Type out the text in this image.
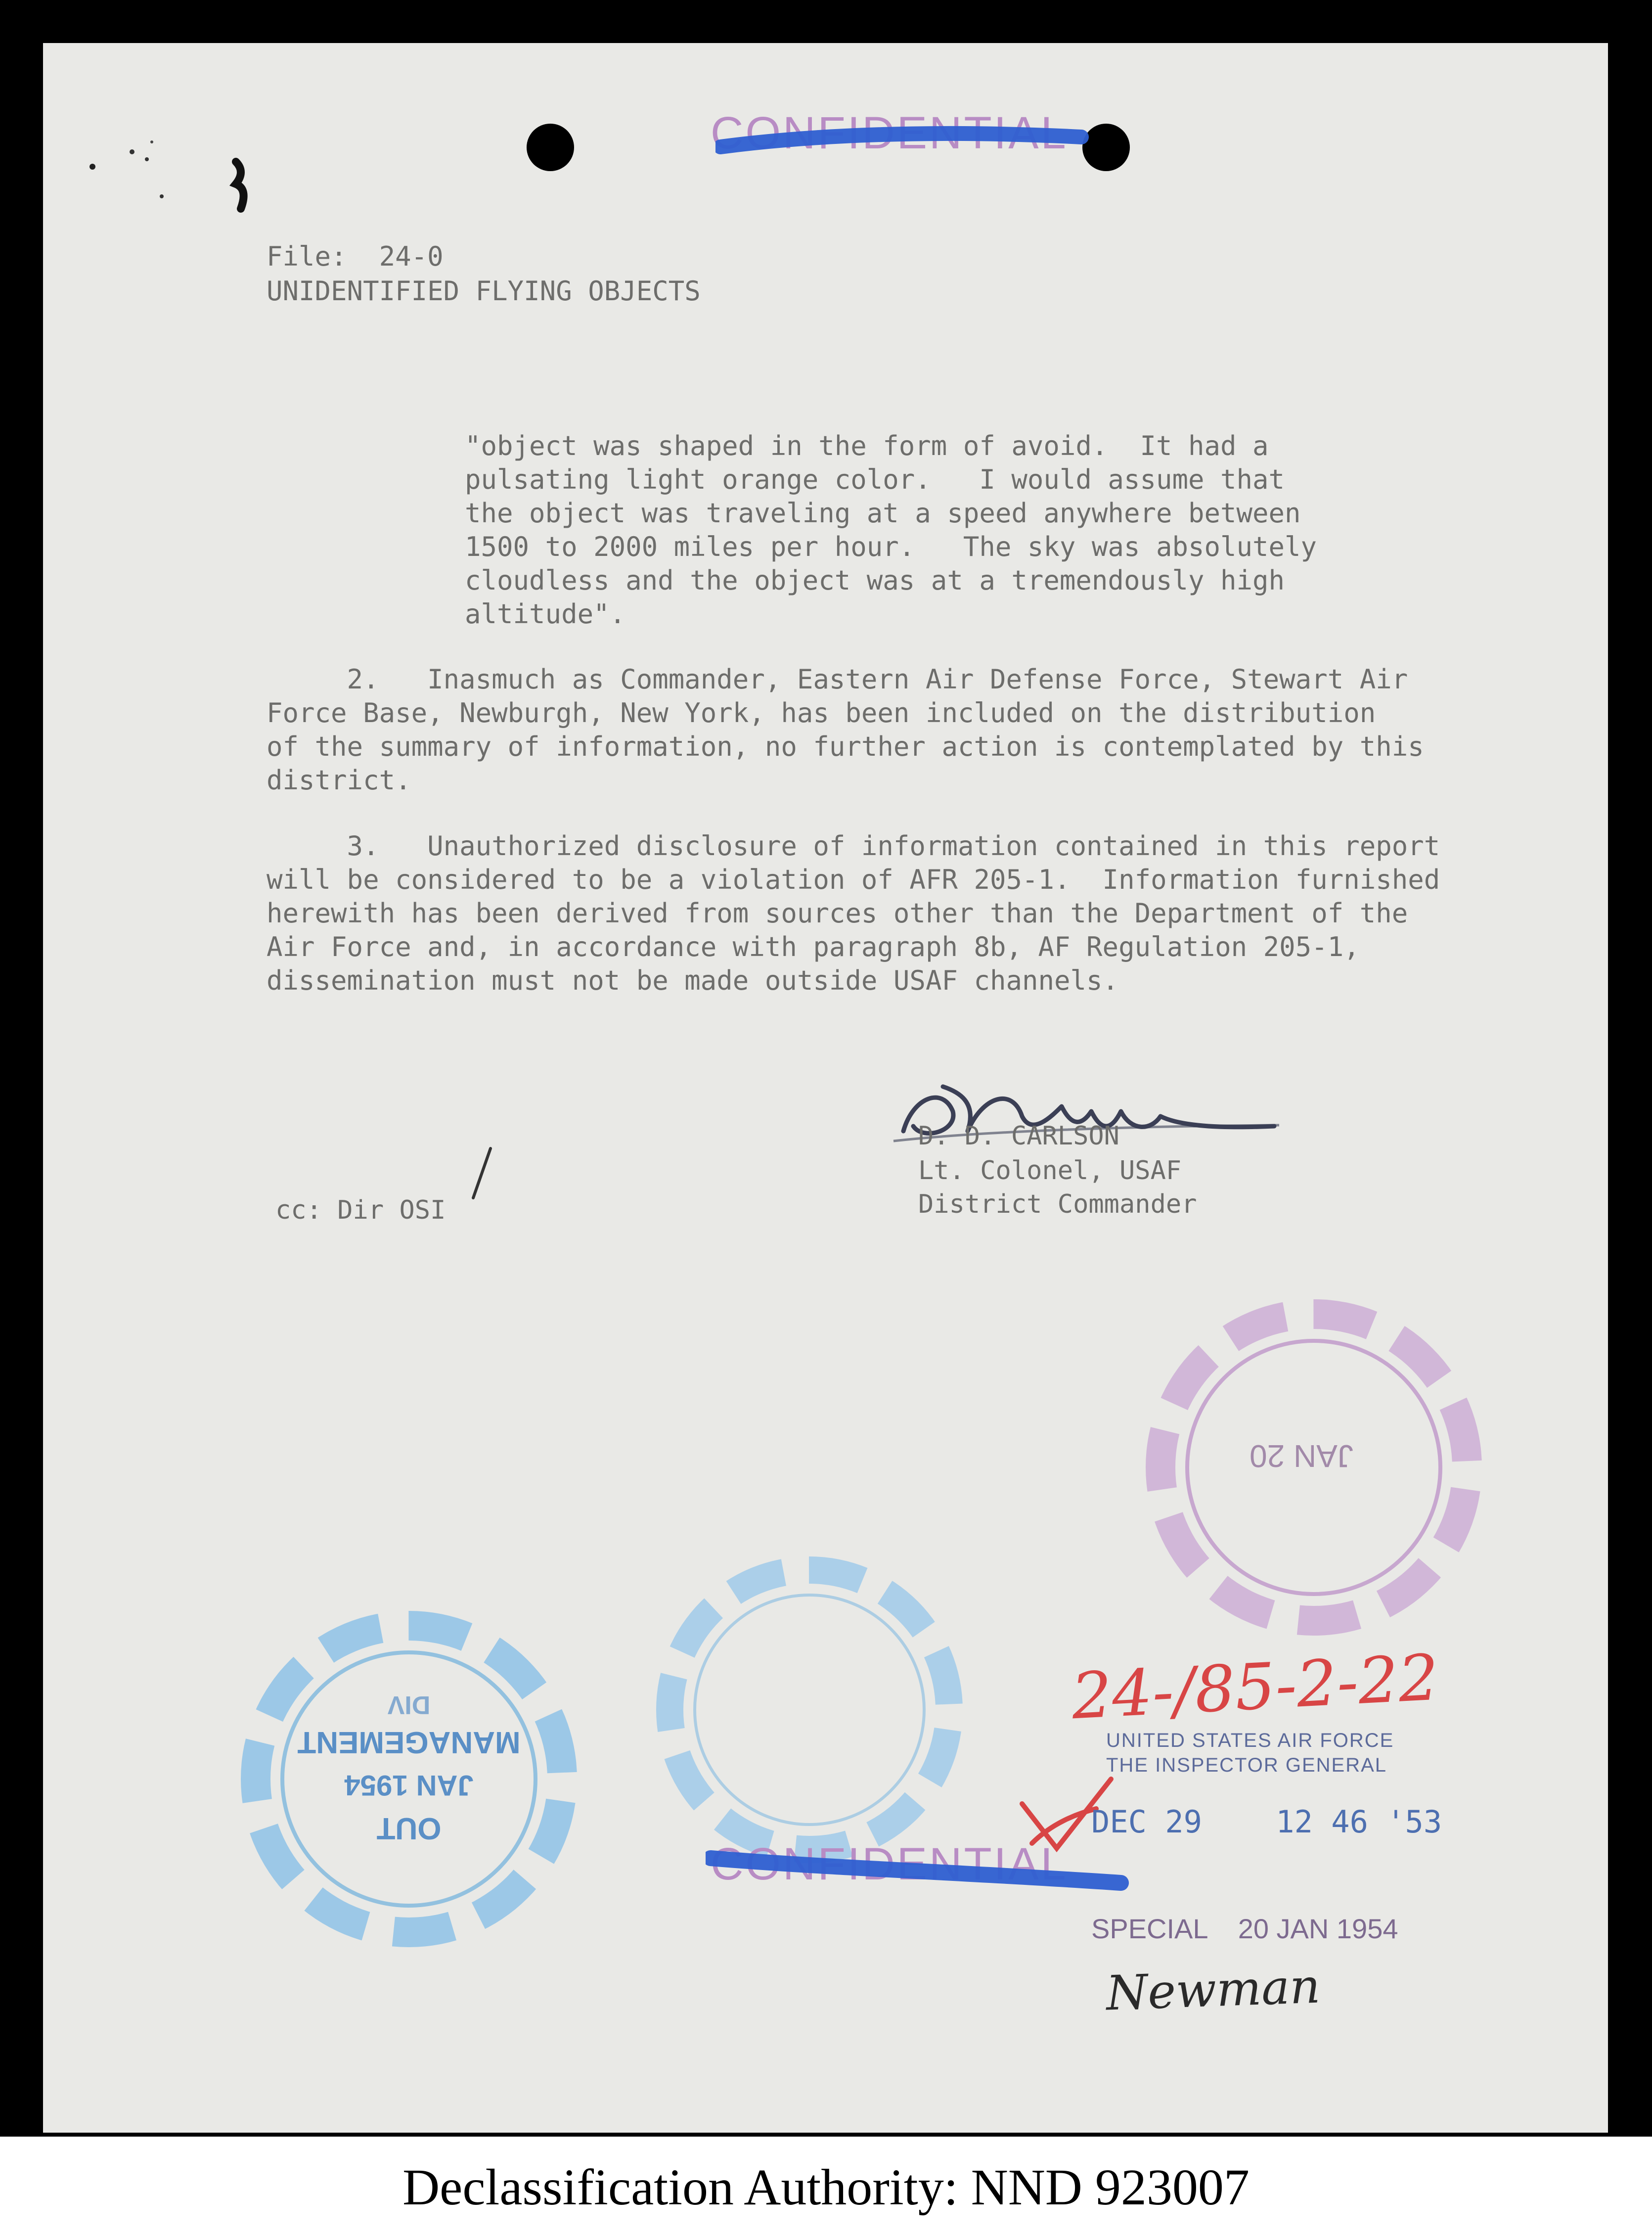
CONFIDENTIAL
File:  24-0
UNIDENTIFIED FLYING OBJECTS
"object was shaped in the form of avoid.  It had a
pulsating light orange color.   I would assume that
the object was traveling at a speed anywhere between
1500 to 2000 miles per hour.   The sky was absolutely
cloudless and the object was at a tremendously high
altitude".
2.   Inasmuch as Commander, Eastern Air Defense Force, Stewart Air
Force Base, Newburgh, New York, has been included on the distribution
of the summary of information, no further action is contemplated by this
district.
3.   Unauthorized disclosure of information contained in this report
will be considered to be a violation of AFR 205-1.  Information furnished
herewith has been derived from sources other than the Department of the
Air Force and, in accordance with paragraph 8b, AF Regulation 205-1,
dissemination must not be made outside USAF channels.
D. D. CARLSON
Lt. Colonel, USAF
District Commander
cc: Dir OSI
JAN 20
OUT
JAN 1954
MANAGEMENT
DIV	24-/85-2-22
UNITED STATES AIR FORCE
THE INSPECTOR GENERAL
DEC 29    12 46 '53
CONFIDENTIAL
SPECIAL    20 JAN 1954
Newman
Declassification Authority: NND 923007
